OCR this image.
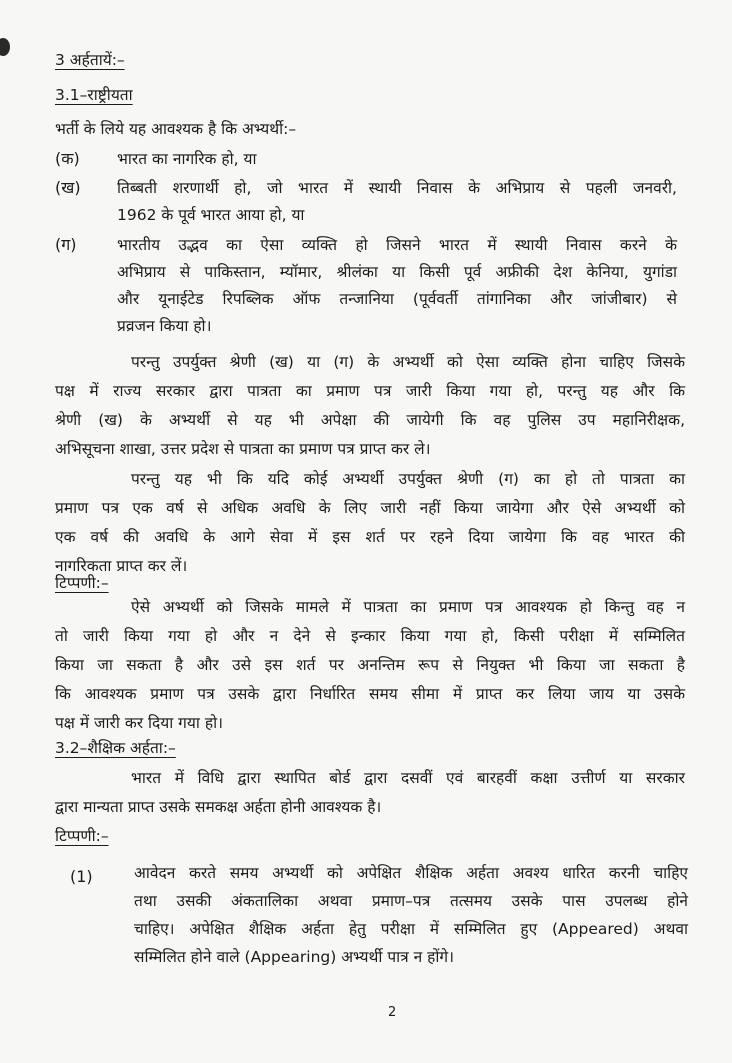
3 अर्हतायें:–
3.1–राष्ट्रीयता
भर्ती के लिये यह आवश्यक है कि अभ्यर्थी:–
(क) भारत का नागरिक हो, या
(ख) तिब्बती शरणार्थी हो, जो भारत में स्थायी निवास के अभिप्राय से पहली जनवरी,
1962 के पूर्व भारत आया हो, या
(ग)	भारतीय उद्भव का ऐसा व्यक्ति हो जिसने भारत में स्थायी निवास करने के
अभिप्राय से पाकिस्तान, म्यॉमार, श्रीलंका या किसी पूर्व अफ्रीकी देश केनिया, युगांडा
और यूनाईटेड रिपब्लिक ऑफ तन्जानिया (पूर्ववर्ती तांगानिका और जांजीबार) से
प्रव्रजन किया हो।
परन्तु उपर्युक्त श्रेणी (ख) या (ग) के अभ्यर्थी को ऐसा व्यक्ति होना चाहिए जिसके
पक्ष में राज्य सरकार द्वारा पात्रता का प्रमाण पत्र जारी किया गया हो, परन्तु यह और कि
श्रेणी (ख) के अभ्यर्थी से यह भी अपेक्षा की जायेगी कि वह पुलिस उप महानिरीक्षक,
अभिसूचना शाखा, उत्तर प्रदेश से पात्रता का प्रमाण पत्र प्राप्त कर ले।
परन्तु यह भी कि यदि कोई अभ्यर्थी उपर्युक्त श्रेणी (ग) का हो तो पात्रता का
प्रमाण पत्र एक वर्ष से अधिक अवधि के लिए जारी नहीं किया जायेगा और ऐसे अभ्यर्थी को
एक वर्ष की अवधि के आगे सेवा में इस शर्त पर रहने दिया जायेगा कि वह भारत की
नागरिकता प्राप्त कर लें।
टिप्पणी:–
ऐसे अभ्यर्थी को जिसके मामले में पात्रता का प्रमाण पत्र आवश्यक हो किन्तु वह न
तो जारी किया गया हो और न देने से इन्कार किया गया हो, किसी परीक्षा में सम्मिलित
किया जा सकता है और उसे इस शर्त पर अनन्तिम रूप से नियुक्त भी किया जा सकता है
कि आवश्यक प्रमाण पत्र उसके द्वारा निर्धारित समय सीमा में प्राप्त कर लिया जाय या उसके
पक्ष में जारी कर दिया गया हो।
3.2–शैक्षिक अर्हता:–
भारत में विधि द्वारा स्थापित बोर्ड द्वारा दसवीं एवं बारहवीं कक्षा उत्तीर्ण या सरकार
द्वारा मान्यता प्राप्त उसके समकक्ष अर्हता होनी आवश्यक है।
टिप्पणी:–
(1)	आवेदन करते समय अभ्यर्थी को अपेक्षित शैक्षिक अर्हता अवश्य धारित करनी चाहिए
तथा उसकी अंकतालिका अथवा प्रमाण–पत्र तत्समय उसके पास उपलब्ध होने
चाहिए। अपेक्षित शैक्षिक अर्हता हेतु परीक्षा में सम्मिलित हुए (Appeared) अथवा
सम्मिलित होने वाले (Appearing) अभ्यर्थी पात्र न होंगे।
2
